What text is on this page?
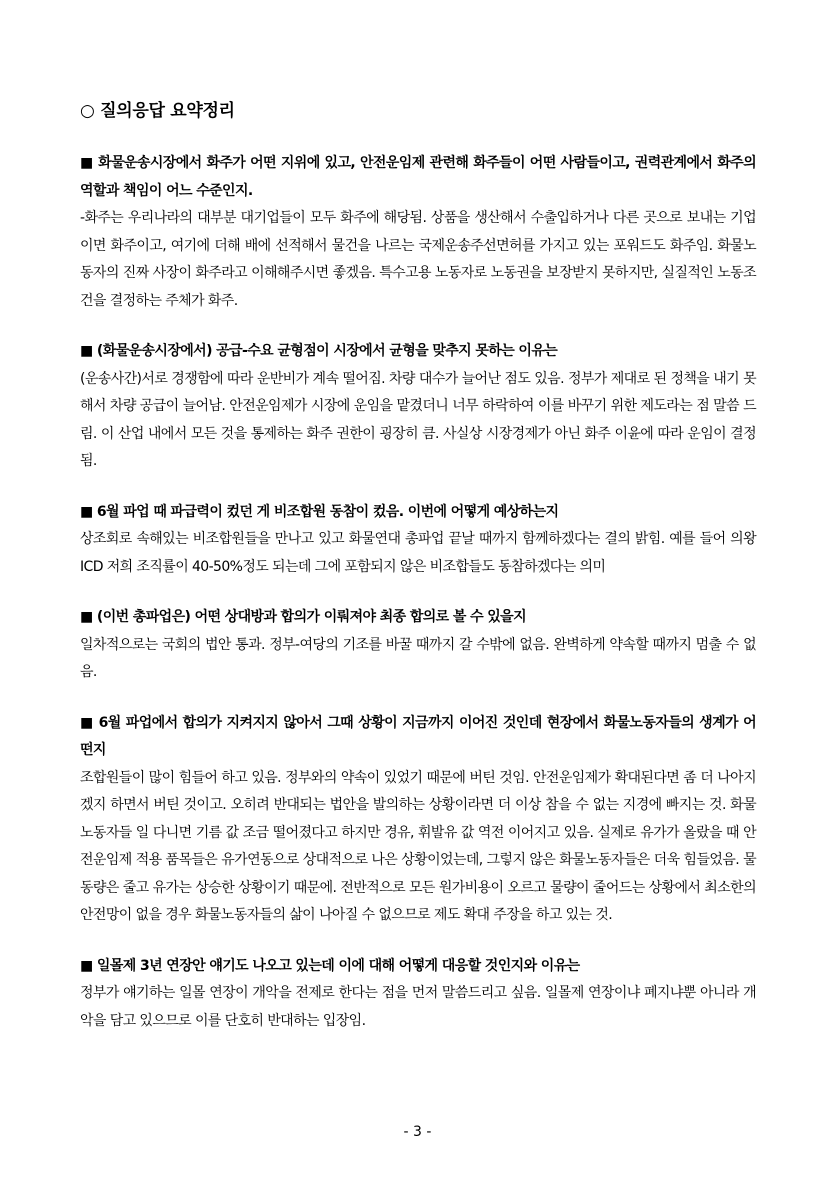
○ 질의응답 요약정리

■ 화물운송시장에서 화주가 어떤 지위에 있고, 안전운임제 관련해 화주들이 어떤 사람들이고, 권력관계에서 화주의 역할과 책임이 어느 수준인지.

-화주는 우리나라의 대부분 대기업들이 모두 화주에 해당됨. 상품을 생산해서 수출입하거나 다른 곳으로 보내는 기업이면 화주이고, 여기에 더해 배에 선적해서 물건을 나르는 국제운송주선면허를 가지고 있는 포워드도 화주임. 화물노동자의 진짜 사장이 화주라고 이해해주시면 좋겠음. 특수고용 노동자로 노동권을 보장받지 못하지만, 실질적인 노동조건을 결정하는 주체가 화주.

■ (화물운송시장에서) 공급-수요 균형점이 시장에서 균형을 맞추지 못하는 이유는

(운송사간)서로 경쟁함에 따라 운반비가 계속 떨어짐. 차량 대수가 늘어난 점도 있음. 정부가 제대로 된 정책을 내기 못해서 차량 공급이 늘어남. 안전운임제가 시장에 운임을 맡겼더니 너무 하락하여 이를 바꾸기 위한 제도라는 점 말씀 드림. 이 산업 내에서 모든 것을 통제하는 화주 권한이 굉장히 큼. 사실상 시장경제가 아닌 화주 이윤에 따라 운임이 결정됨.

■ 6월 파업 때 파급력이 컸던 게 비조합원 동참이 컸음. 이번에 어떻게 예상하는지

상조회로 속해있는 비조합원들을 만나고 있고 화물연대 총파업 끝날 때까지 함께하겠다는 결의 밝힘. 예를 들어 의왕 ICD 저희 조직률이 40-50%정도 되는데 그에 포함되지 않은 비조합들도 동참하겠다는 의미

■ (이번 총파업은) 어떤 상대방과 합의가 이뤄져야 최종 합의로 볼 수 있을지

일차적으로는 국회의 법안 통과. 정부-여당의 기조를 바꿀 때까지 갈 수밖에 없음. 완벽하게 약속할 때까지 멈출 수 없음.

■ 6월 파업에서 합의가 지켜지지 않아서 그때 상황이 지금까지 이어진 것인데 현장에서 화물노동자들의 생계가 어떤지

조합원들이 많이 힘들어 하고 있음. 정부와의 약속이 있었기 때문에 버틴 것임. 안전운임제가 확대된다면 좀 더 나아지겠지 하면서 버틴 것이고. 오히려 반대되는 법안을 발의하는 상황이라면 더 이상 참을 수 없는 지경에 빠지는 것. 화물노동자들 일 다니면 기름 값 조금 떨어졌다고 하지만 경유, 휘발유 값 역전 이어지고 있음. 실제로 유가가 올랐을 때 안전운임제 적용 품목들은 유가연동으로 상대적으로 나은 상황이었는데, 그렇지 않은 화물노동자들은 더욱 힘들었음. 물동량은 줄고 유가는 상승한 상황이기 때문에. 전반적으로 모든 원가비용이 오르고 물량이 줄어드는 상황에서 최소한의 안전망이 없을 경우 화물노동자들의 삶이 나아질 수 없으므로 제도 확대 주장을 하고 있는 것.

■ 일몰제 3년 연장안 얘기도 나오고 있는데 이에 대해 어떻게 대응할 것인지와 이유는

정부가 얘기하는 일몰 연장이 개악을 전제로 한다는 점을 먼저 말씀드리고 싶음. 일몰제 연장이냐 폐지냐뿐 아니라 개악을 담고 있으므로 이를 단호히 반대하는 입장임.

- 3 -
